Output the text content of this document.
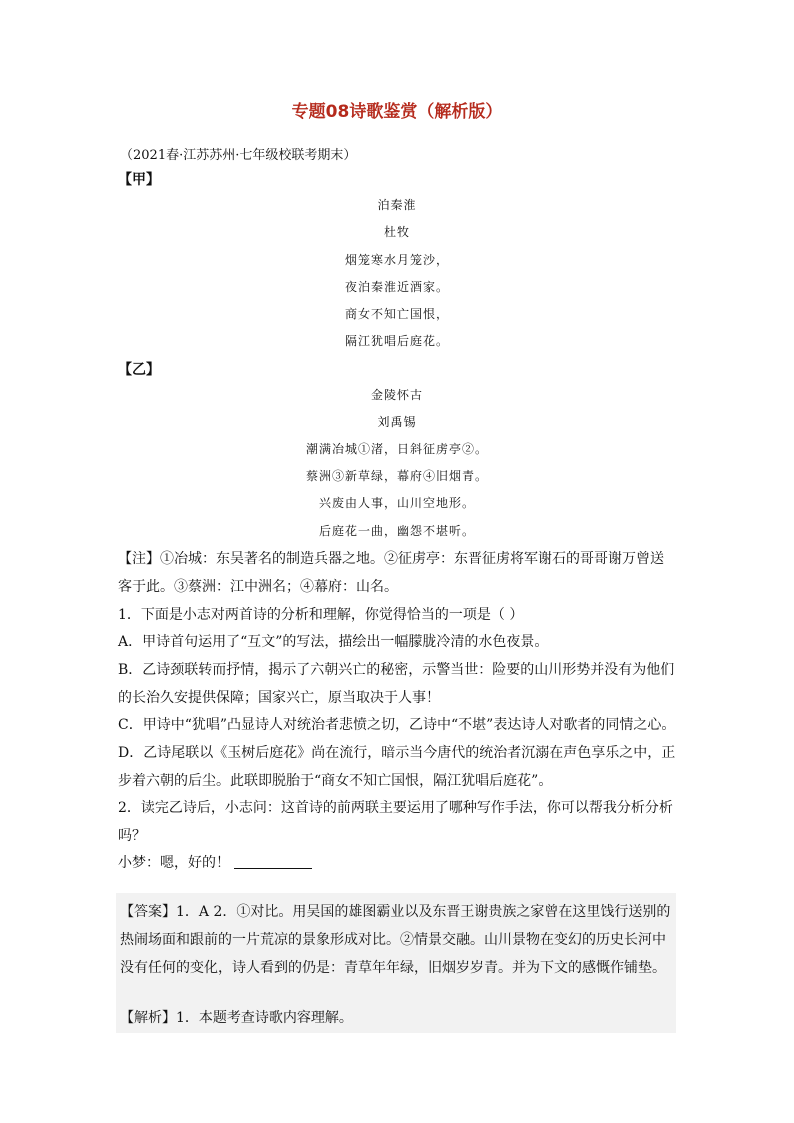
专题08诗歌鉴赏（解析版）
（2021春·江苏苏州·七年级校联考期末）
【甲】
泊秦淮
杜牧
烟笼寒水月笼沙，
夜泊秦淮近酒家。
商女不知亡国恨，
隔江犹唱后庭花。
【乙】
金陵怀古
刘禹锡
潮满冶城①渚，日斜征虏亭②。
蔡洲③新草绿，幕府④旧烟青。
兴废由人事，山川空地形。
后庭花一曲，幽怨不堪听。
【注】①冶城：东吴著名的制造兵器之地。②征虏亭：东晋征虏将军谢石的哥哥谢万曾送
客于此。③蔡洲：江中洲名；④幕府：山名。
1．下面是小志对两首诗的分析和理解，你觉得恰当的一项是（ ）
A．甲诗首句运用了“互文”的写法，描绘出一幅朦胧冷清的水色夜景。
B．乙诗颈联转而抒情，揭示了六朝兴亡的秘密，示警当世：险要的山川形势并没有为他们
的长治久安提供保障；国家兴亡，原当取决于人事！
C．甲诗中“犹唱”凸显诗人对统治者悲愤之切，乙诗中“不堪”表达诗人对歌者的同情之心。
D．乙诗尾联以《玉树后庭花》尚在流行，暗示当今唐代的统治者沉溺在声色享乐之中，正
步着六朝的后尘。此联即脱胎于“商女不知亡国恨，隔江犹唱后庭花”。
2．读完乙诗后，小志问：这首诗的前两联主要运用了哪种写作手法，你可以帮我分析分析
吗？
小梦：嗯，好的！
【答案】1．A 2．①对比。用吴国的雄图霸业以及东晋王谢贵族之家曾在这里饯行送别的
热闹场面和跟前的一片荒凉的景象形成对比。②情景交融。山川景物在变幻的历史长河中
没有任何的变化，诗人看到的仍是：青草年年绿，旧烟岁岁青。并为下文的感慨作铺垫。
【解析】1．本题考查诗歌内容理解。
